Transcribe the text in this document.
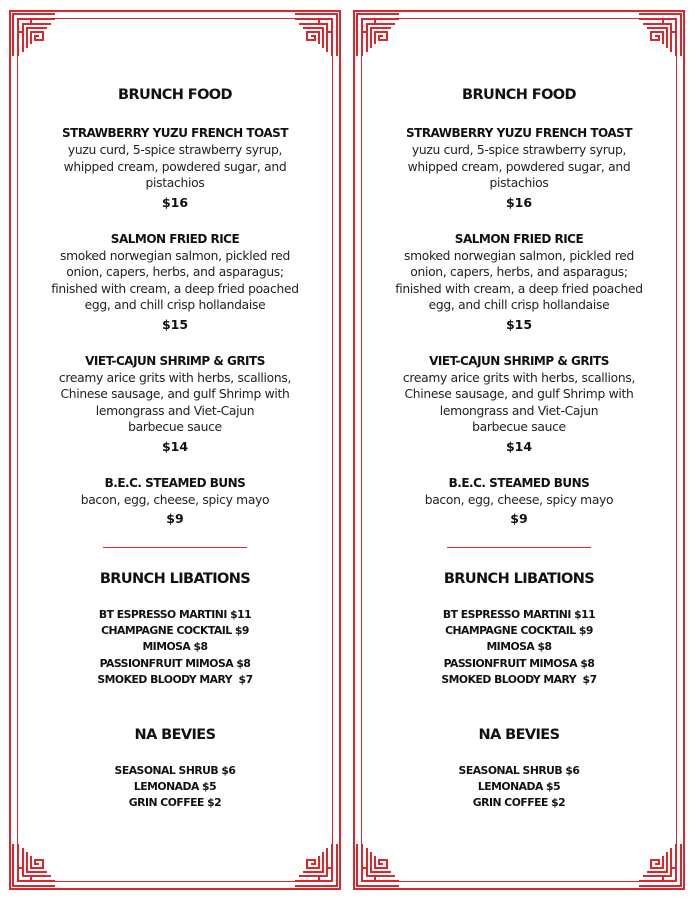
BRUNCH FOOD
STRAWBERRY YUZU FRENCH TOAST
yuzu curd, 5-spice strawberry syrup,
whipped cream, powdered sugar, and
pistachios
$16
SALMON FRIED RICE
smoked norwegian salmon, pickled red
onion, capers, herbs, and asparagus;
finished with cream, a deep fried poached
egg, and chill crisp hollandaise
$15
VIET-CAJUN SHRIMP & GRITS
creamy arice grits with herbs, scallions,
Chinese sausage, and gulf Shrimp with
lemongrass and Viet-Cajun
barbecue sauce
$14
B.E.C. STEAMED BUNS
bacon, egg, cheese, spicy mayo
$9
BRUNCH LIBATIONS
BT ESPRESSO MARTINI $11
CHAMPAGNE COCKTAIL $9
MIMOSA $8
PASSIONFRUIT MIMOSA $8
SMOKED BLOODY MARY  $7
NA BEVIES
SEASONAL SHRUB $6
LEMONADA $5
GRIN COFFEE $2
BRUNCH FOOD
STRAWBERRY YUZU FRENCH TOAST
yuzu curd, 5-spice strawberry syrup,
whipped cream, powdered sugar, and
pistachios
$16
SALMON FRIED RICE
smoked norwegian salmon, pickled red
onion, capers, herbs, and asparagus;
finished with cream, a deep fried poached
egg, and chill crisp hollandaise
$15
VIET-CAJUN SHRIMP & GRITS
creamy arice grits with herbs, scallions,
Chinese sausage, and gulf Shrimp with
lemongrass and Viet-Cajun
barbecue sauce
$14
B.E.C. STEAMED BUNS
bacon, egg, cheese, spicy mayo
$9
BRUNCH LIBATIONS
BT ESPRESSO MARTINI $11
CHAMPAGNE COCKTAIL $9
MIMOSA $8
PASSIONFRUIT MIMOSA $8
SMOKED BLOODY MARY  $7
NA BEVIES
SEASONAL SHRUB $6
LEMONADA $5
GRIN COFFEE $2
